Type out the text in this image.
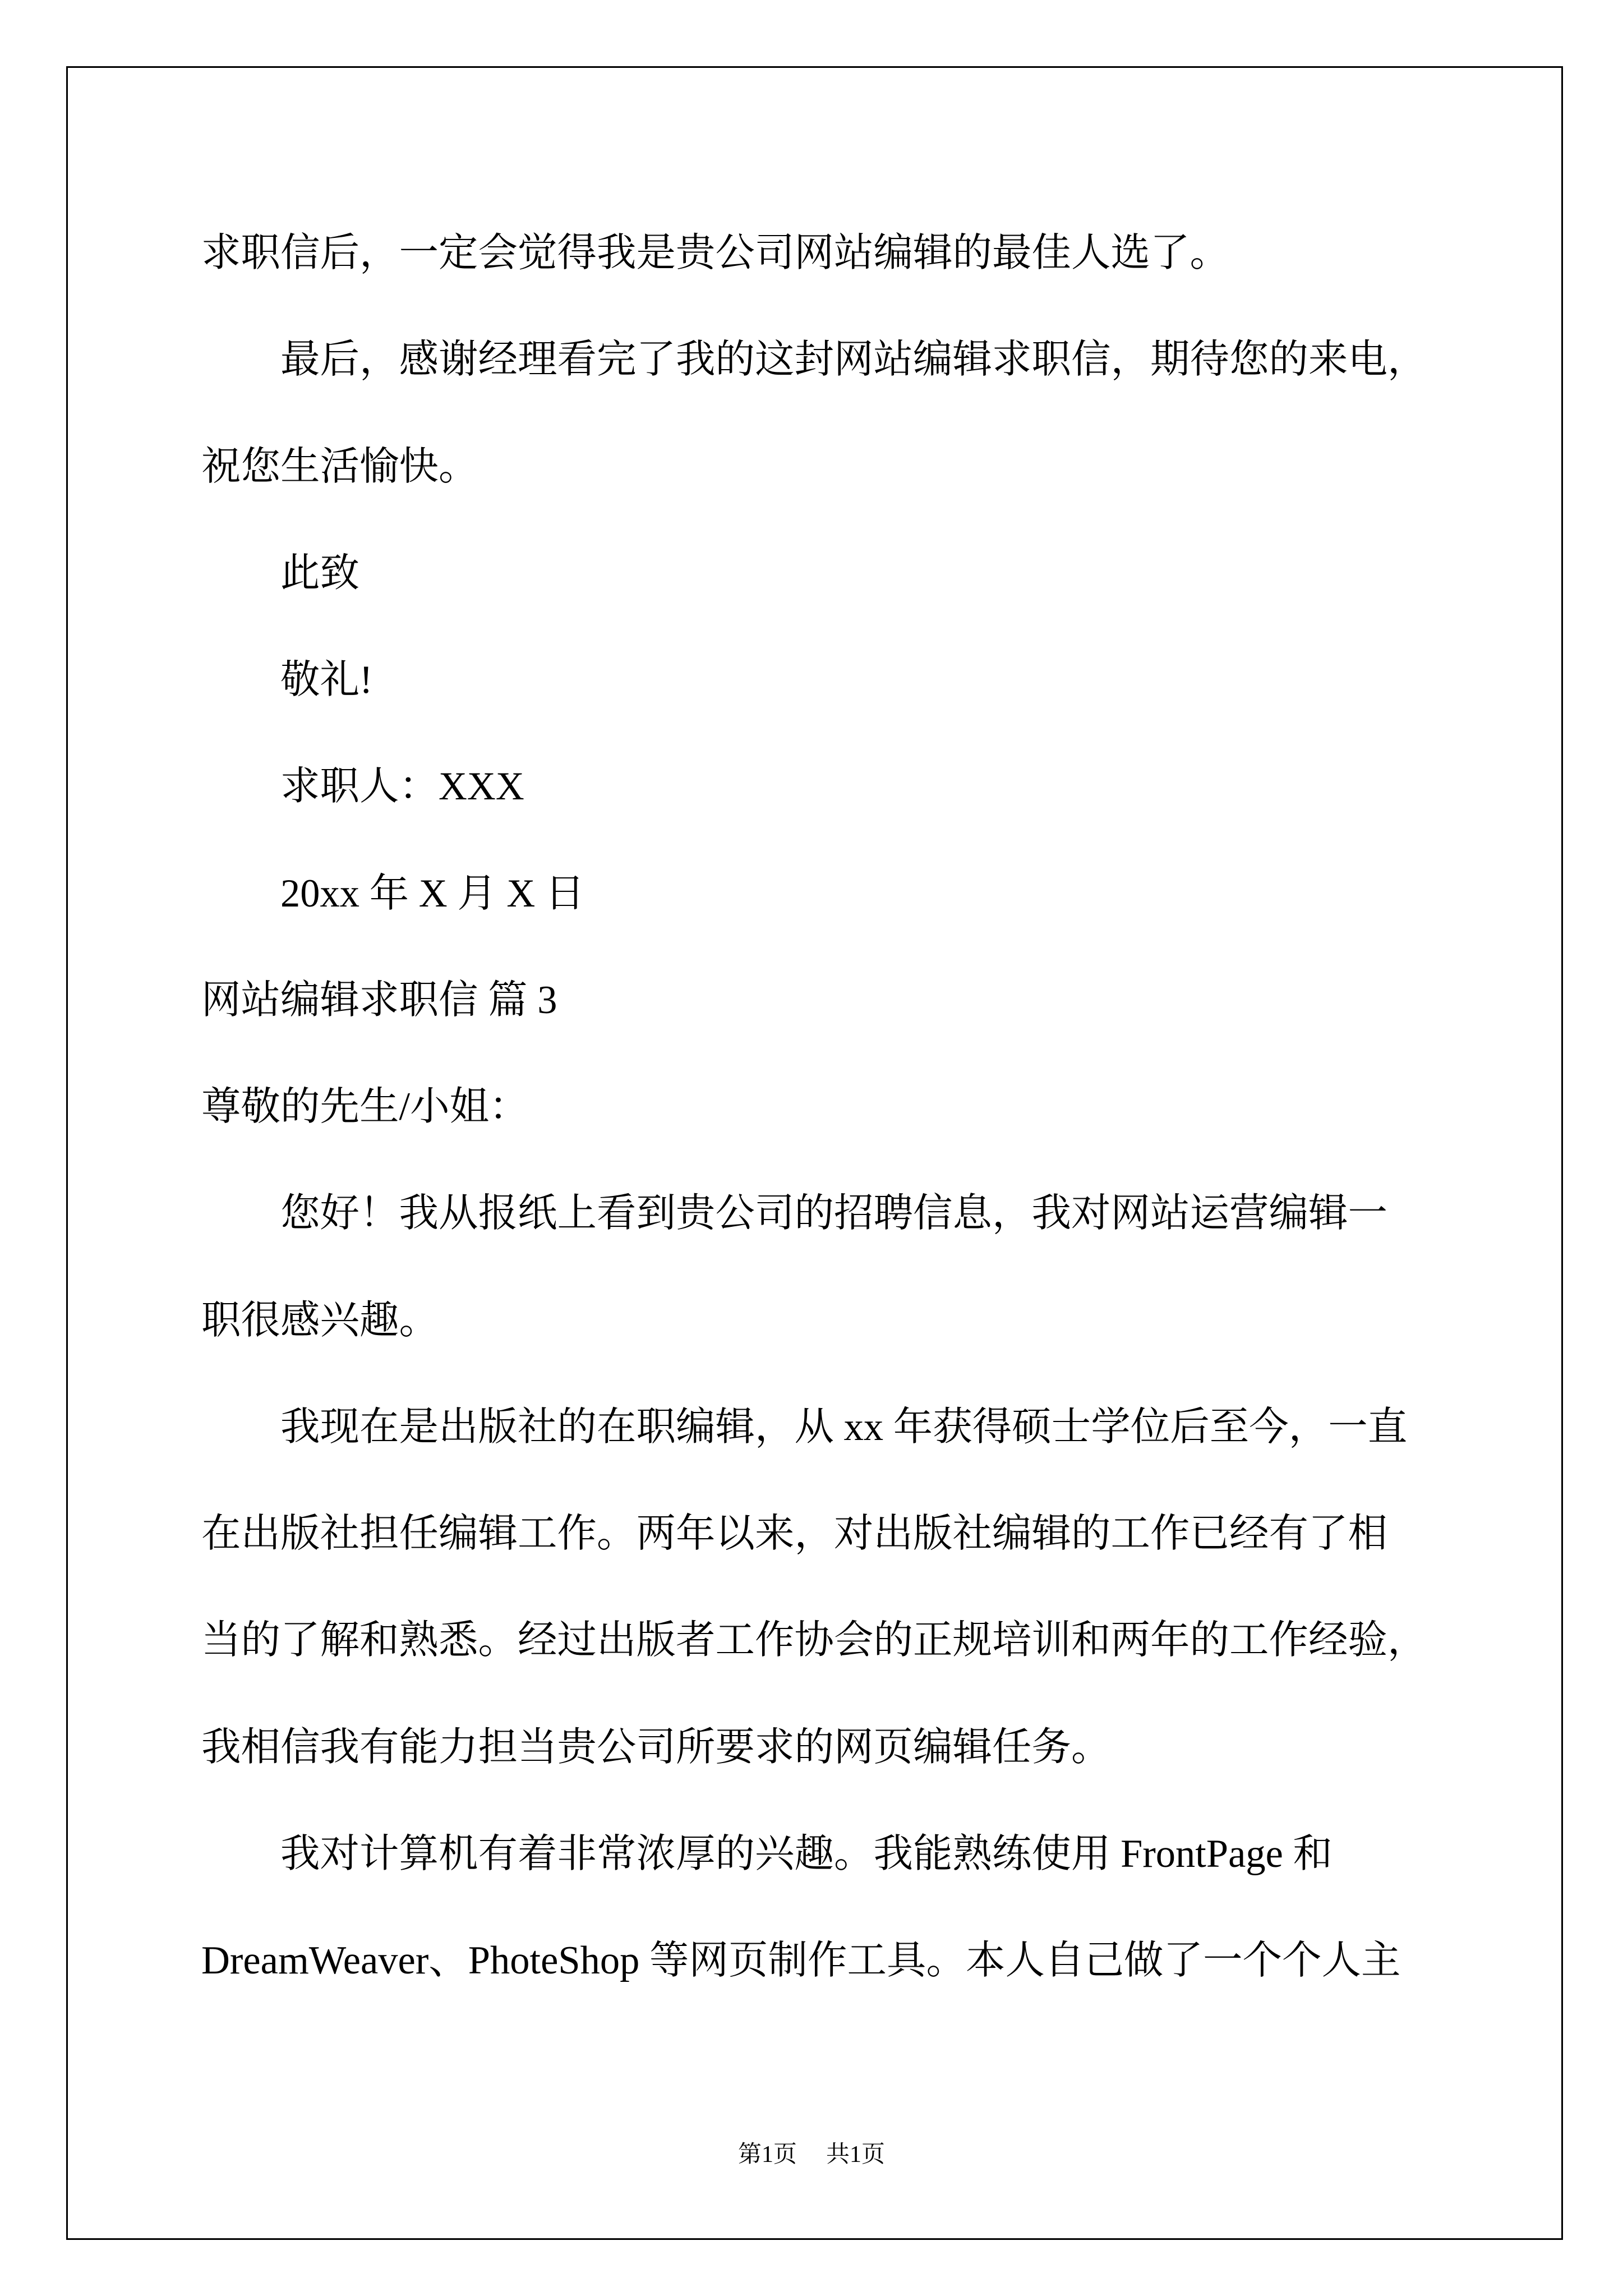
求职信后，一定会觉得我是贵公司网站编辑的最佳人选了。
最后，感谢经理看完了我的这封网站编辑求职信，期待您的来电，
祝您生活愉快。
此致
敬礼!
求职人：XXX
20xx 年 X 月 X 日
网站编辑求职信 篇 3
尊敬的先生/小姐：
您好！我从报纸上看到贵公司的招聘信息，我对网站运营编辑一
职很感兴趣。
我现在是出版社的在职编辑，从 xx 年获得硕士学位后至今，一直
在出版社担任编辑工作。两年以来，对出版社编辑的工作已经有了相
当的了解和熟悉。经过出版者工作协会的正规培训和两年的工作经验，
我相信我有能力担当贵公司所要求的网页编辑任务。
我对计算机有着非常浓厚的兴趣。我能熟练使用 FrontPage 和
DreamWeaver、PhoteShop 等网页制作工具。本人自己做了一个个人主
第1页 共1页
